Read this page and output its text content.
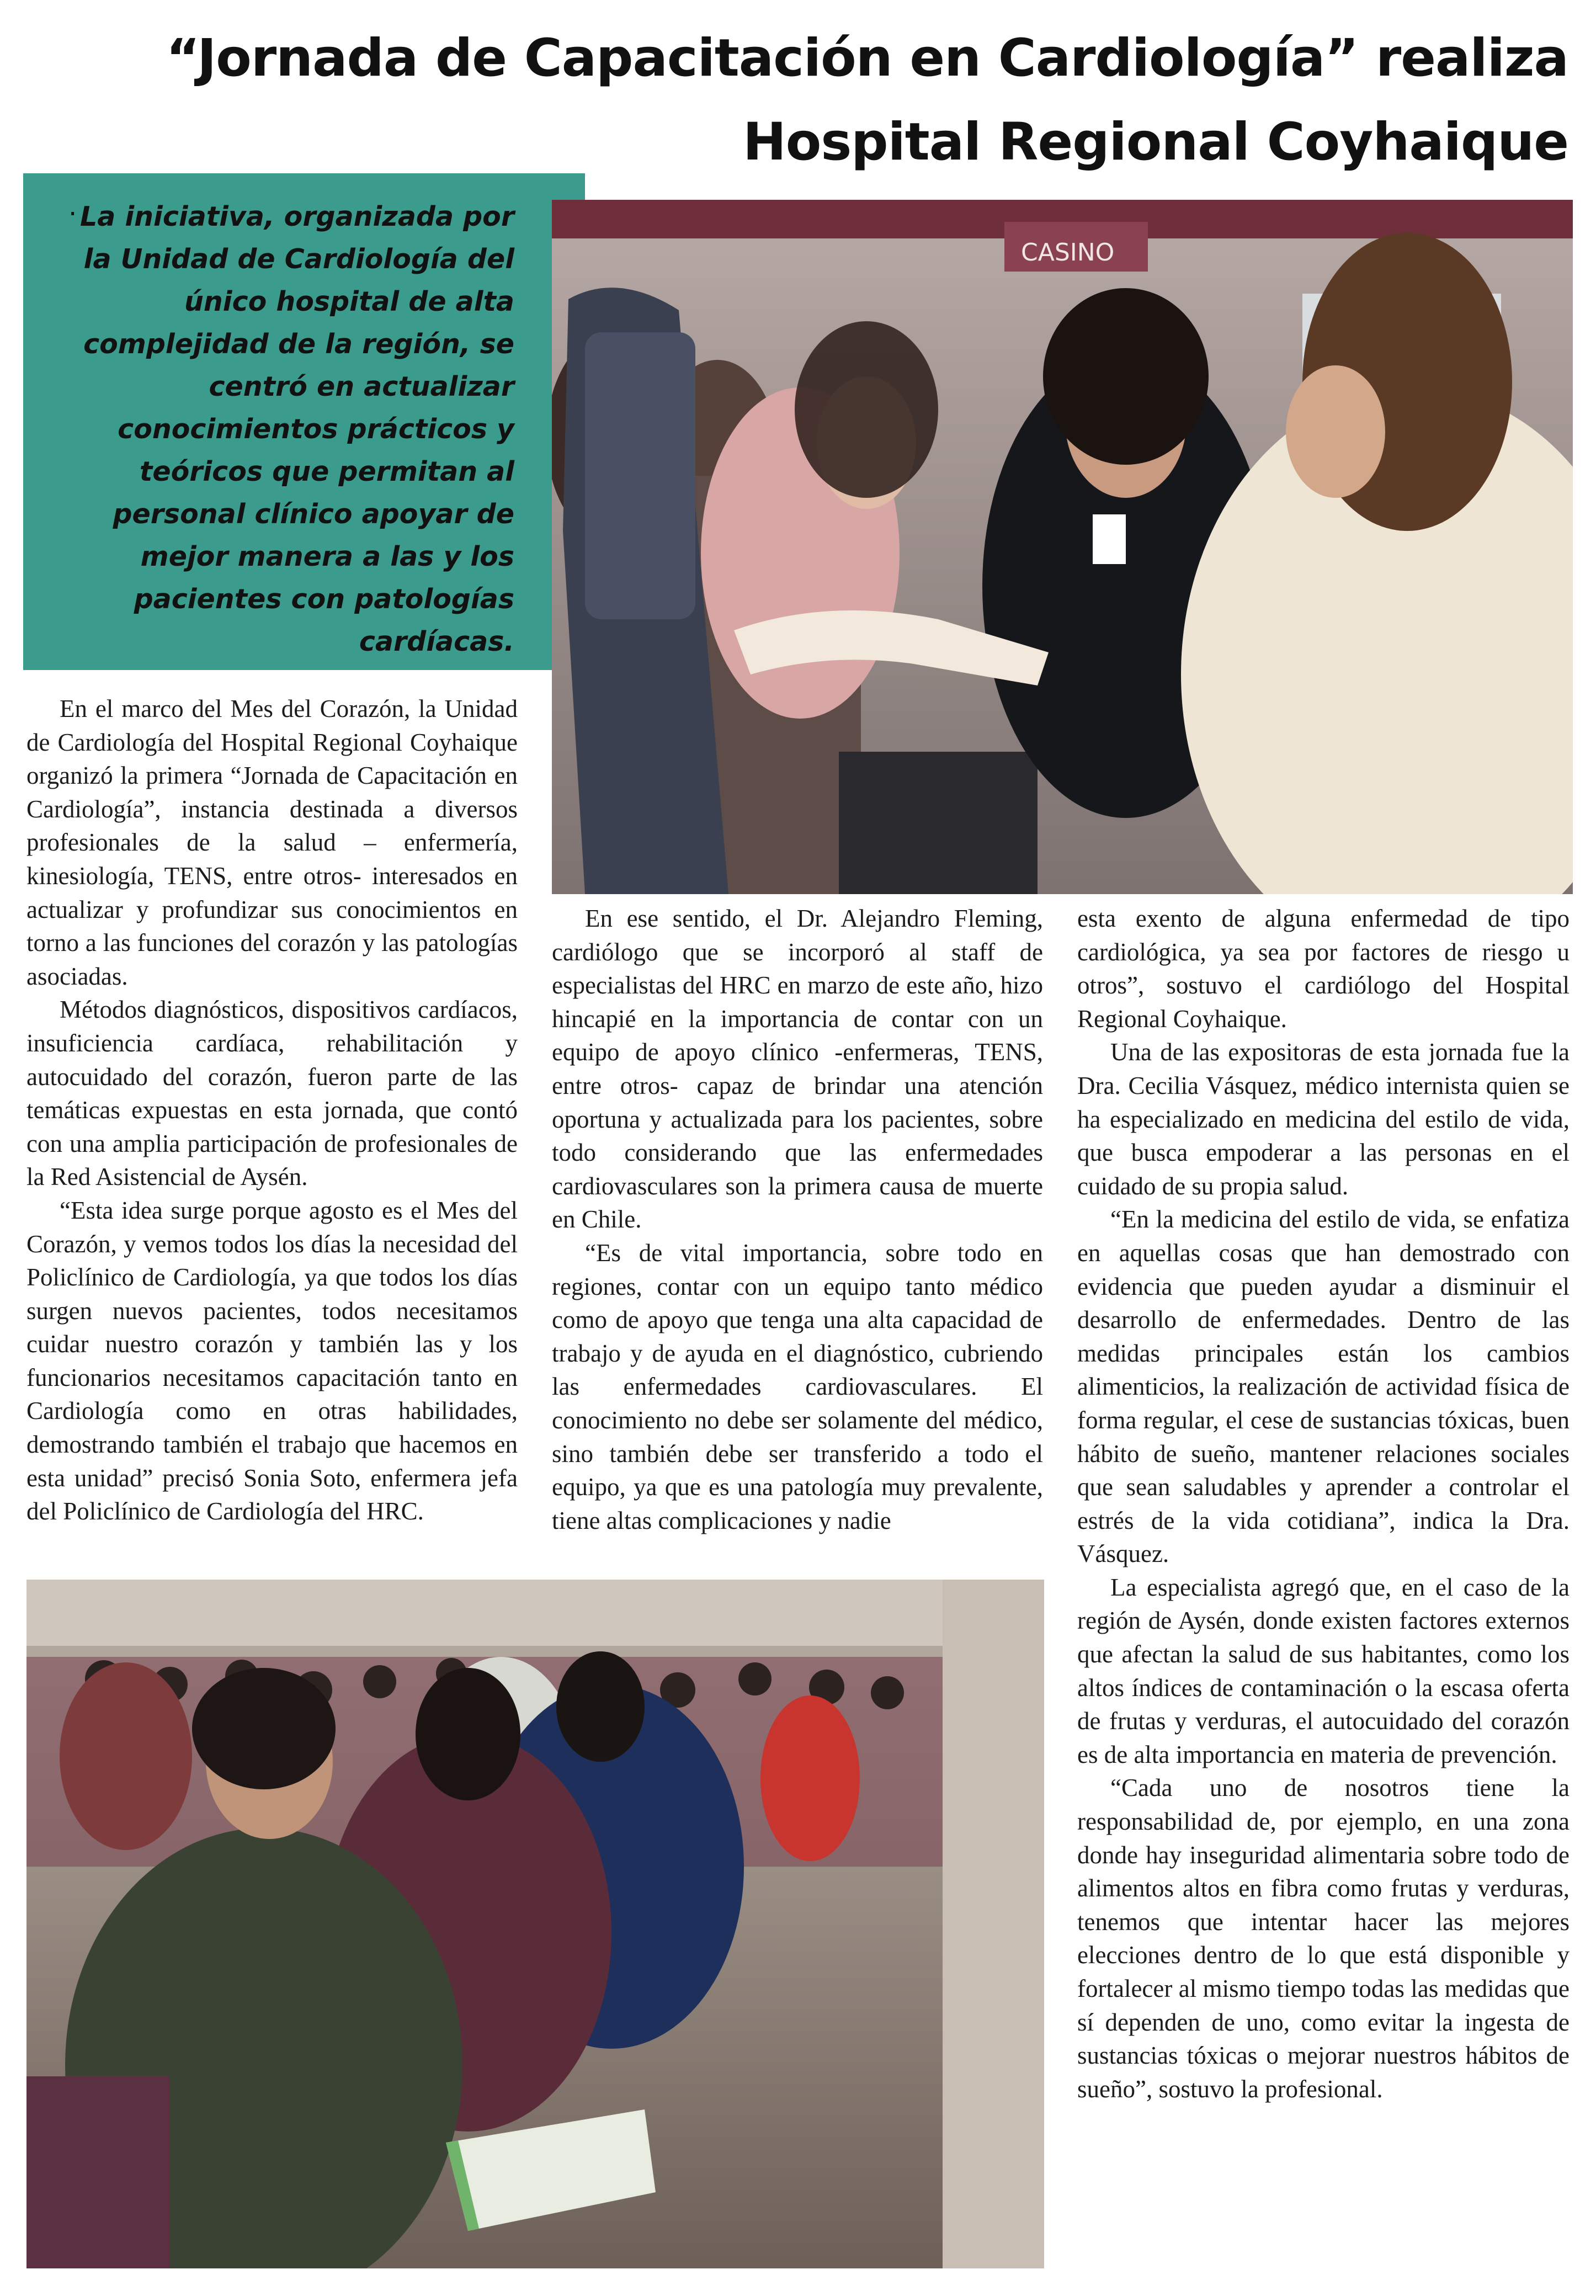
“Jornada de Capacitación en Cardiología” realiza
Hospital Regional Coyhaique
· La iniciativa, organizada por la Unidad de Cardiología del único hospital de alta complejidad de la región, se centró en actualizar conocimientos prácticos y teóricos que permitan al personal clínico apoyar de mejor manera a las y los pacientes con patologías cardíacas.

CASINO

En el marco del Mes del Corazón, la Unidad de Cardiología del Hospital Regional Coyhaique organizó la primera “Jornada de Capacitación en Cardiología”, instancia destinada a diversos profesionales de la salud – enfermería, kinesiología, TENS, entre otros- interesados en actualizar y profundizar sus conocimientos en torno a las funciones del corazón y las patologías asociadas.

Métodos diagnósticos, dispositivos cardíacos, insuficiencia cardíaca, rehabilitación y autocuidado del corazón, fueron parte de las temáticas expuestas en esta jornada, que contó con una amplia participación de profesionales de la Red Asistencial de Aysén.

“Esta idea surge porque agosto es el Mes del Corazón, y vemos todos los días la necesidad del Policlínico de Cardiología, ya que todos los días surgen nuevos pacientes, todos necesitamos cuidar nuestro corazón y también las y los funcionarios necesitamos capacitación tanto en Cardiología como en otras habilidades, demostrando también el trabajo que hacemos en esta unidad” precisó Sonia Soto, enfermera jefa del Policlínico de Cardiología del HRC.

En ese sentido, el Dr. Alejandro Fleming, cardiólogo que se incorporó al staff de especialistas del HRC en marzo de este año, hizo hincapié en la importancia de contar con un equipo de apoyo clínico -enfermeras, TENS, entre otros- capaz de brindar una atención oportuna y actualizada para los pacientes, sobre todo considerando que las enfermedades cardiovasculares son la primera causa de muerte en Chile.

“Es de vital importancia, sobre todo en regiones, contar con un equipo tanto médico como de apoyo que tenga una alta capacidad de trabajo y de ayuda en el diagnóstico, cubriendo las enfermedades cardiovasculares. El conocimiento no debe ser solamente del médico, sino también debe ser transferido a todo el equipo, ya que es una patología muy prevalente, tiene altas complicaciones y nadie

esta exento de alguna enfermedad de tipo cardiológica, ya sea por factores de riesgo u otros”, sostuvo el cardiólogo del Hospital Regional Coyhaique.

Una de las expositoras de esta jornada fue la Dra. Cecilia Vásquez, médico internista quien se ha especializado en medicina del estilo de vida, que busca empoderar a las personas en el cuidado de su propia salud.

“En la medicina del estilo de vida, se enfatiza en aquellas cosas que han demostrado con evidencia que pueden ayudar a disminuir el desarrollo de enfermedades. Dentro de las medidas principales están los cambios alimenticios, la realización de actividad física de forma regular, el cese de sustancias tóxicas, buen hábito de sueño, mantener relaciones sociales que sean saludables y aprender a controlar el estrés de la vida cotidiana”, indica la Dra. Vásquez.

La especialista agregó que, en el caso de la región de Aysén, donde existen factores externos que afectan la salud de sus habitantes, como los altos índices de contaminación o la escasa oferta de frutas y verduras, el autocuidado del corazón es de alta importancia en materia de prevención.

“Cada uno de nosotros tiene la responsabilidad de, por ejemplo, en una zona donde hay inseguridad alimentaria sobre todo de alimentos altos en fibra como frutas y verduras, tenemos que intentar hacer las mejores elecciones dentro de lo que está disponible y fortalecer al mismo tiempo todas las medidas que sí dependen de uno, como evitar la ingesta de sustancias tóxicas o mejorar nuestros hábitos de sueño”, sostuvo la profesional.
